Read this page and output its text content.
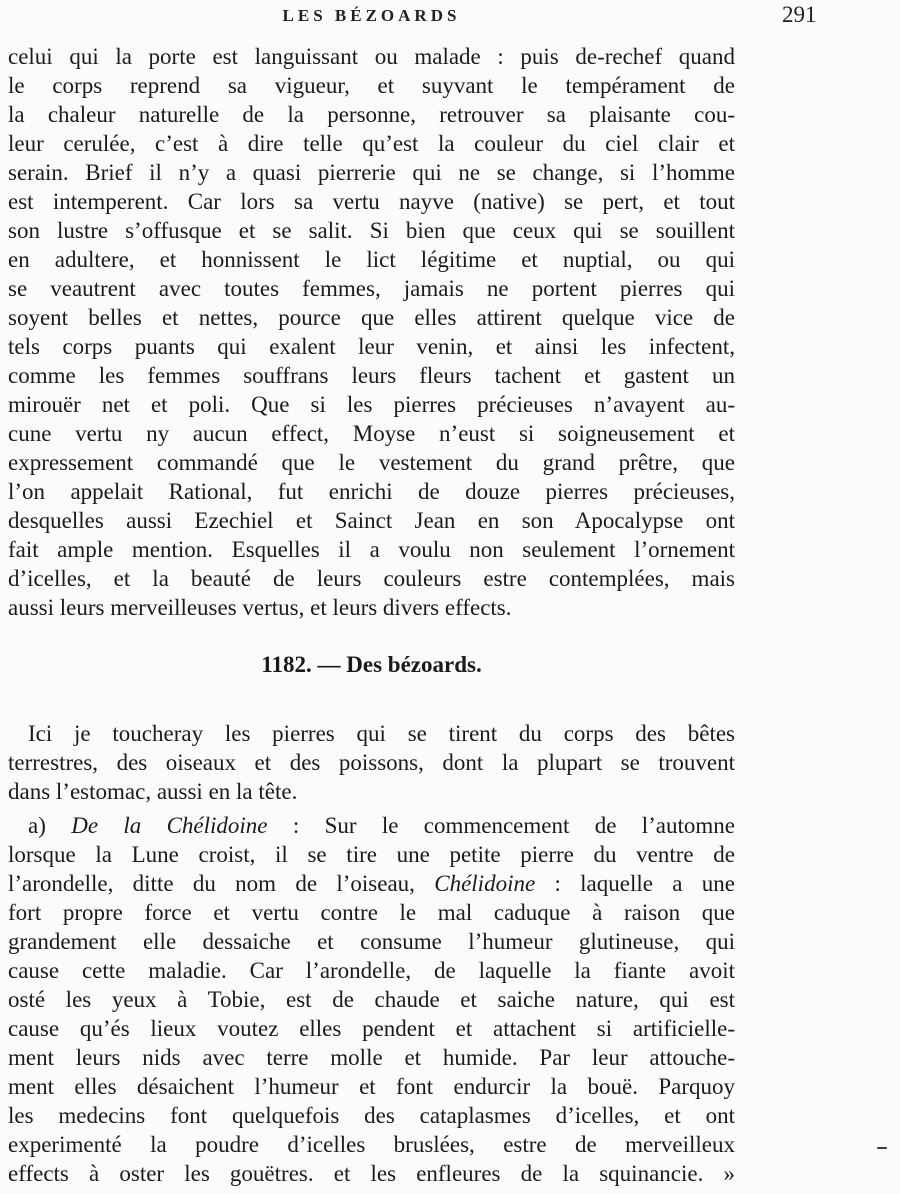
LES BÉZOARDS	291
celui qui la porte est languissant ou malade : puis de-rechef quand
le corps reprend sa vigueur, et suyvant le tempérament de
la chaleur naturelle de la personne, retrouver sa plaisante cou-
leur cerulée, c’est à dire telle qu’est la couleur du ciel clair et
serain. Brief il n’y a quasi pierrerie qui ne se change, si l’homme
est intemperent. Car lors sa vertu nayve (native) se pert, et tout
son lustre s’offusque et se salit. Si bien que ceux qui se souillent
en adultere, et honnissent le lict légitime et nuptial, ou qui
se veautrent avec toutes femmes, jamais ne portent pierres qui
soyent belles et nettes, pource que elles attirent quelque vice de
tels corps puants qui exalent leur venin, et ainsi les infectent,
comme les femmes souffrans leurs fleurs tachent et gastent un
mirouër net et poli. Que si les pierres précieuses n’avayent au-
cune vertu ny aucun effect, Moyse n’eust si soigneusement et
expressement commandé que le vestement du grand prêtre, que
l’on appelait Rational, fut enrichi de douze pierres précieuses,
desquelles aussi Ezechiel et Sainct Jean en son Apocalypse ont
fait ample mention. Esquelles il a voulu non seulement l’ornement
d’icelles, et la beauté de leurs couleurs estre contemplées, mais
aussi leurs merveilleuses vertus, et leurs divers effects.
1182. — Des bézoards.
Ici je toucheray les pierres qui se tirent du corps des bêtes
terrestres, des oiseaux et des poissons, dont la plupart se trouvent
dans l’estomac, aussi en la tête.
a) De la Chélidoine : Sur le commencement de l’automne
lorsque la Lune croist, il se tire une petite pierre du ventre de
l’arondelle, ditte du nom de l’oiseau, Chélidoine : laquelle a une
fort propre force et vertu contre le mal caduque à raison que
grandement elle dessaiche et consume l’humeur glutineuse, qui
cause cette maladie. Car l’arondelle, de laquelle la fiante avoit
osté les yeux à Tobie, est de chaude et saiche nature, qui est
cause qu’és lieux voutez elles pendent et attachent si artificielle-
ment leurs nids avec terre molle et humide. Par leur attouche-
ment elles désaichent l’humeur et font endurcir la bouë. Parquoy
les medecins font quelquefois des cataplasmes d’icelles, et ont
experimenté la poudre d’icelles bruslées, estre de merveilleux
effects à oster les gouëtres. et les enfleures de la squinancie. »
